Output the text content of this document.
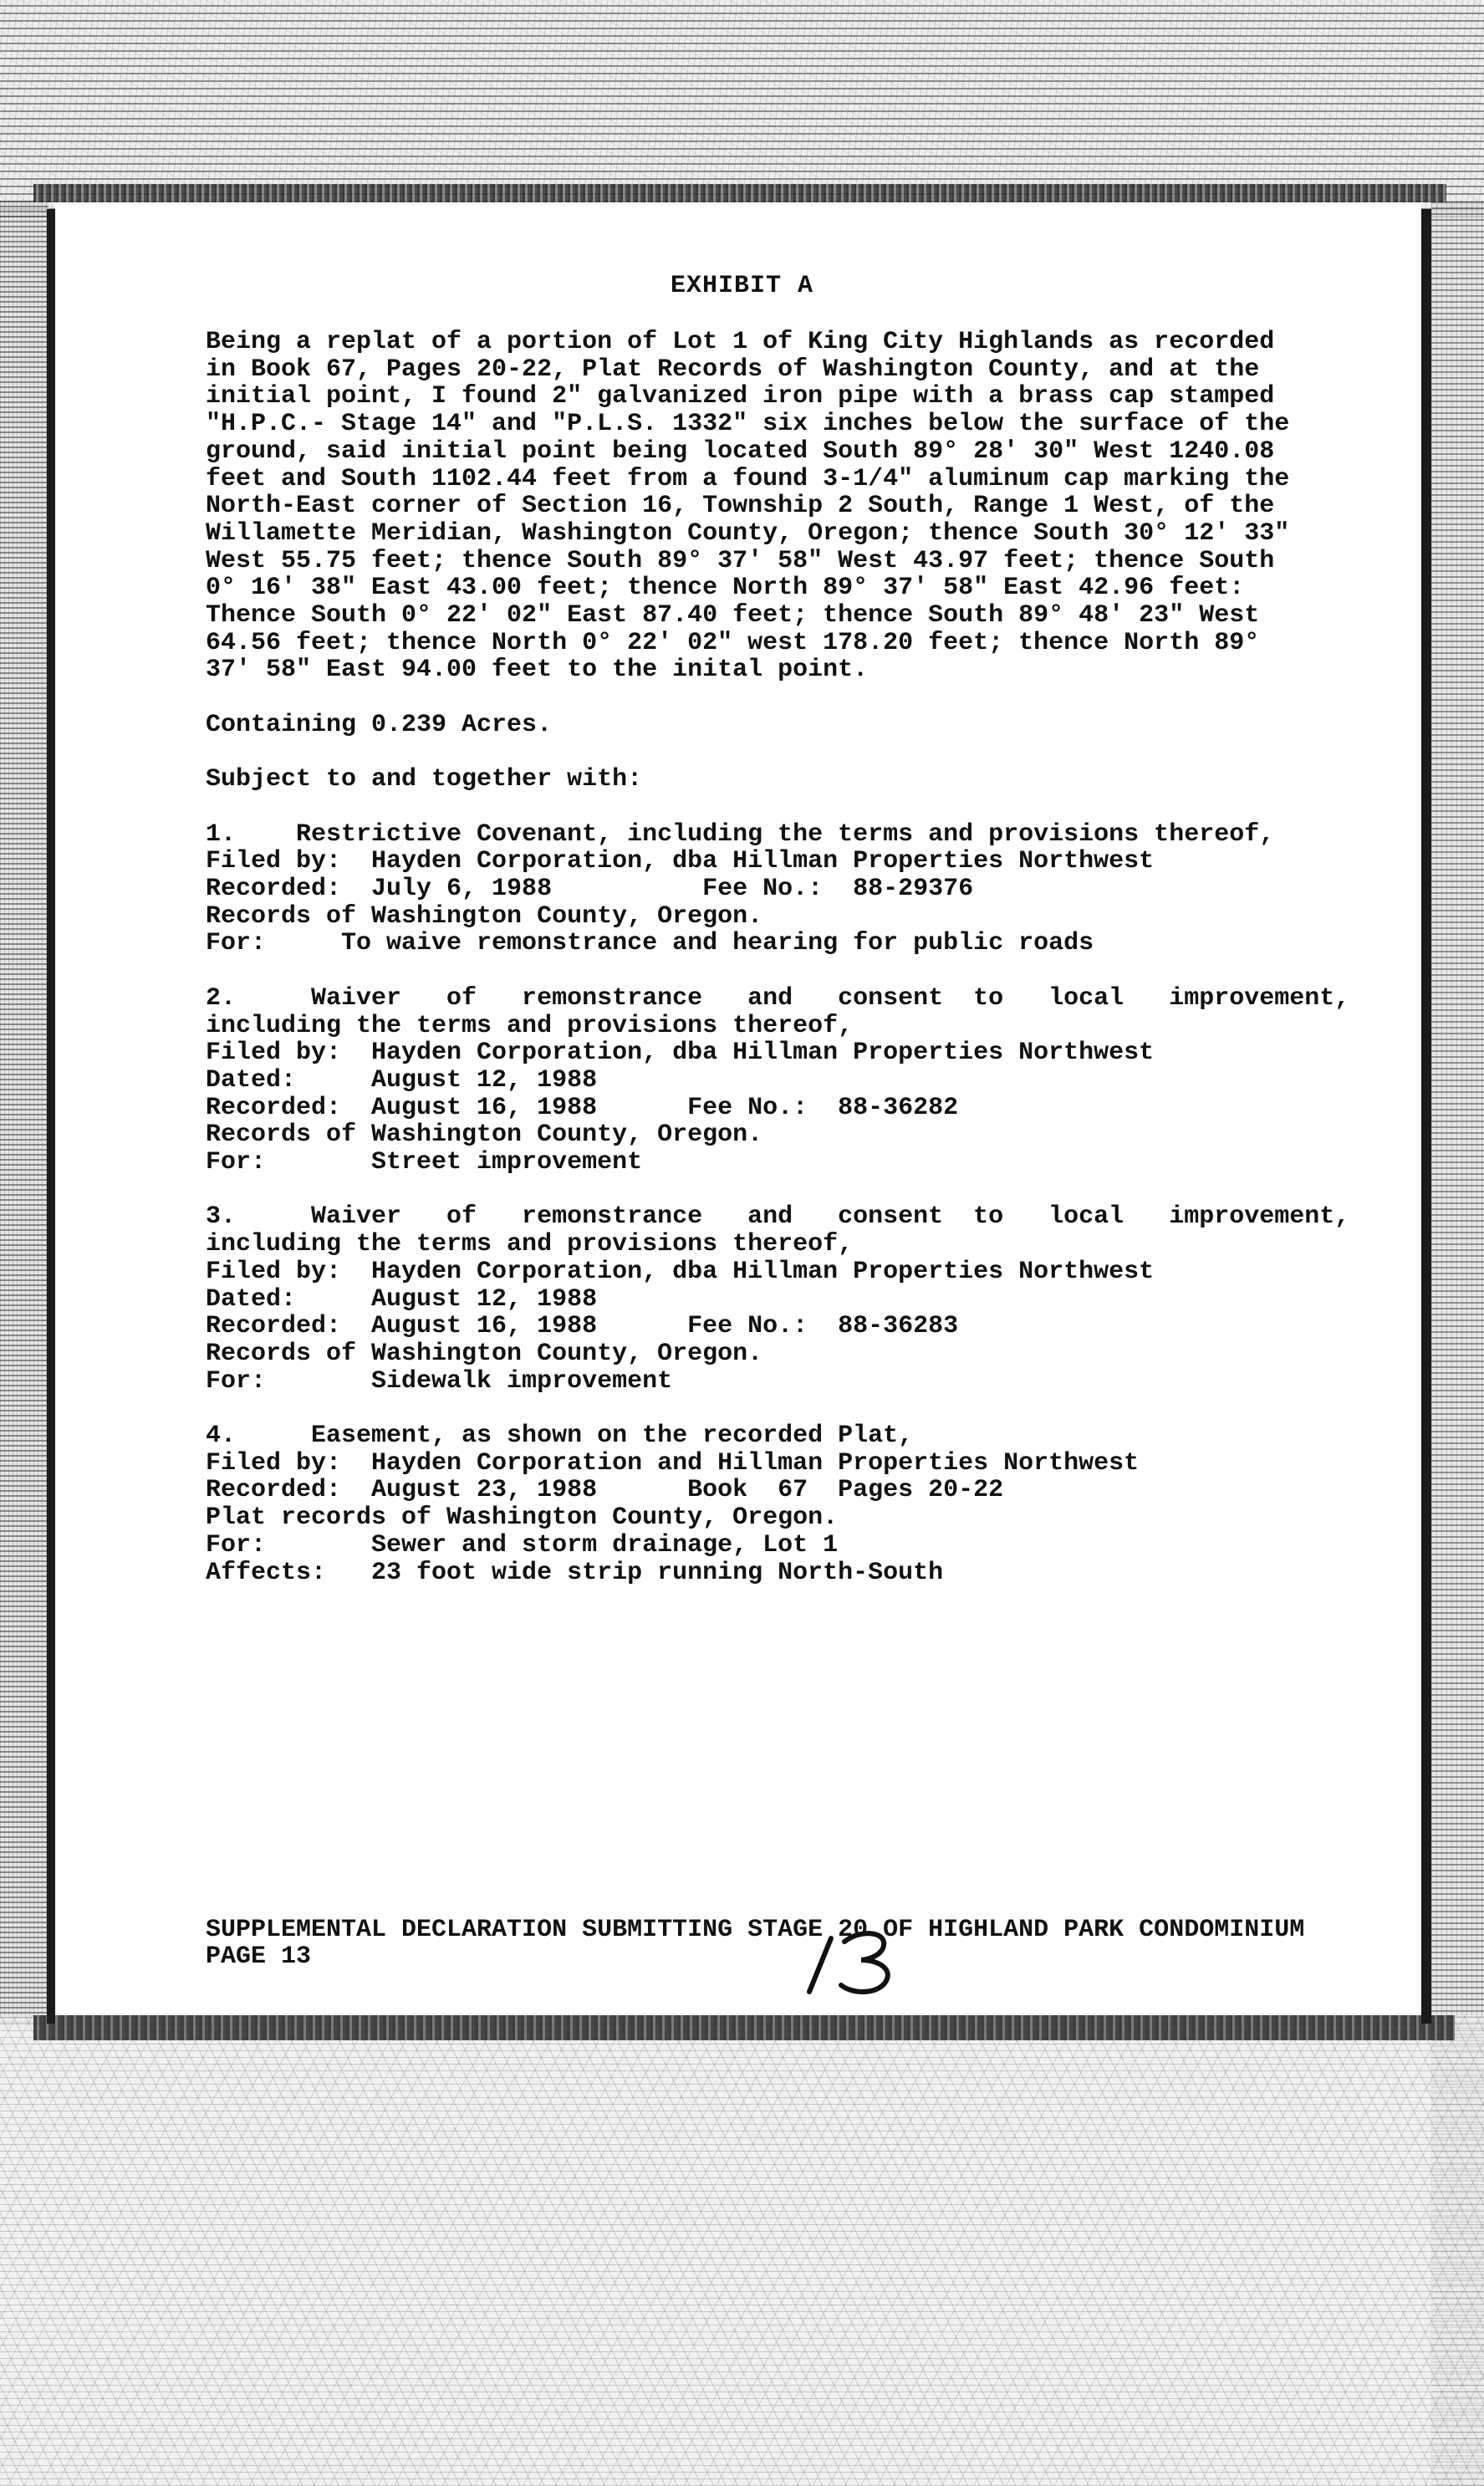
EXHIBIT A
Being a replat of a portion of Lot 1 of King City Highlands as recorded
in Book 67, Pages 20-22, Plat Records of Washington County, and at the
initial point, I found 2" galvanized iron pipe with a brass cap stamped
"H.P.C.- Stage 14" and "P.L.S. 1332" six inches below the surface of the
ground, said initial point being located South 89° 28′ 30" West 1240.08
feet and South 1102.44 feet from a found 3-1/4" aluminum cap marking the
North-East corner of Section 16, Township 2 South, Range 1 West, of the
Willamette Meridian, Washington County, Oregon; thence South 30° 12′ 33"
West 55.75 feet; thence South 89° 37′ 58" West 43.97 feet; thence South
0° 16′ 38" East 43.00 feet; thence North 89° 37′ 58" East 42.96 feet:
Thence South 0° 22′ 02" East 87.40 feet; thence South 89° 48′ 23" West
64.56 feet; thence North 0° 22′ 02" west 178.20 feet; thence North 89°
37′ 58" East 94.00 feet to the inital point.
Containing 0.239 Acres.
Subject to and together with:
1.    Restrictive Covenant, including the terms and provisions thereof,
Filed by:  Hayden Corporation, dba Hillman Properties Northwest
Recorded:  July 6, 1988          Fee No.:  88-29376
Records of Washington County, Oregon.
For:     To waive remonstrance and hearing for public roads
2.     Waiver   of   remonstrance   and   consent  to   local   improvement,
including the terms and provisions thereof,
Filed by:  Hayden Corporation, dba Hillman Properties Northwest
Dated:     August 12, 1988
Recorded:  August 16, 1988      Fee No.:  88-36282
Records of Washington County, Oregon.
For:       Street improvement
3.     Waiver   of   remonstrance   and   consent  to   local   improvement,
including the terms and provisions thereof,
Filed by:  Hayden Corporation, dba Hillman Properties Northwest
Dated:     August 12, 1988
Recorded:  August 16, 1988      Fee No.:  88-36283
Records of Washington County, Oregon.
For:       Sidewalk improvement
4.     Easement, as shown on the recorded Plat,
Filed by:  Hayden Corporation and Hillman Properties Northwest
Recorded:  August 23, 1988      Book  67  Pages 20-22
Plat records of Washington County, Oregon.
For:       Sewer and storm drainage, Lot 1
Affects:   23 foot wide strip running North-South
SUPPLEMENTAL DECLARATION SUBMITTING STAGE 20 OF HIGHLAND PARK CONDOMINIUM
PAGE 13
